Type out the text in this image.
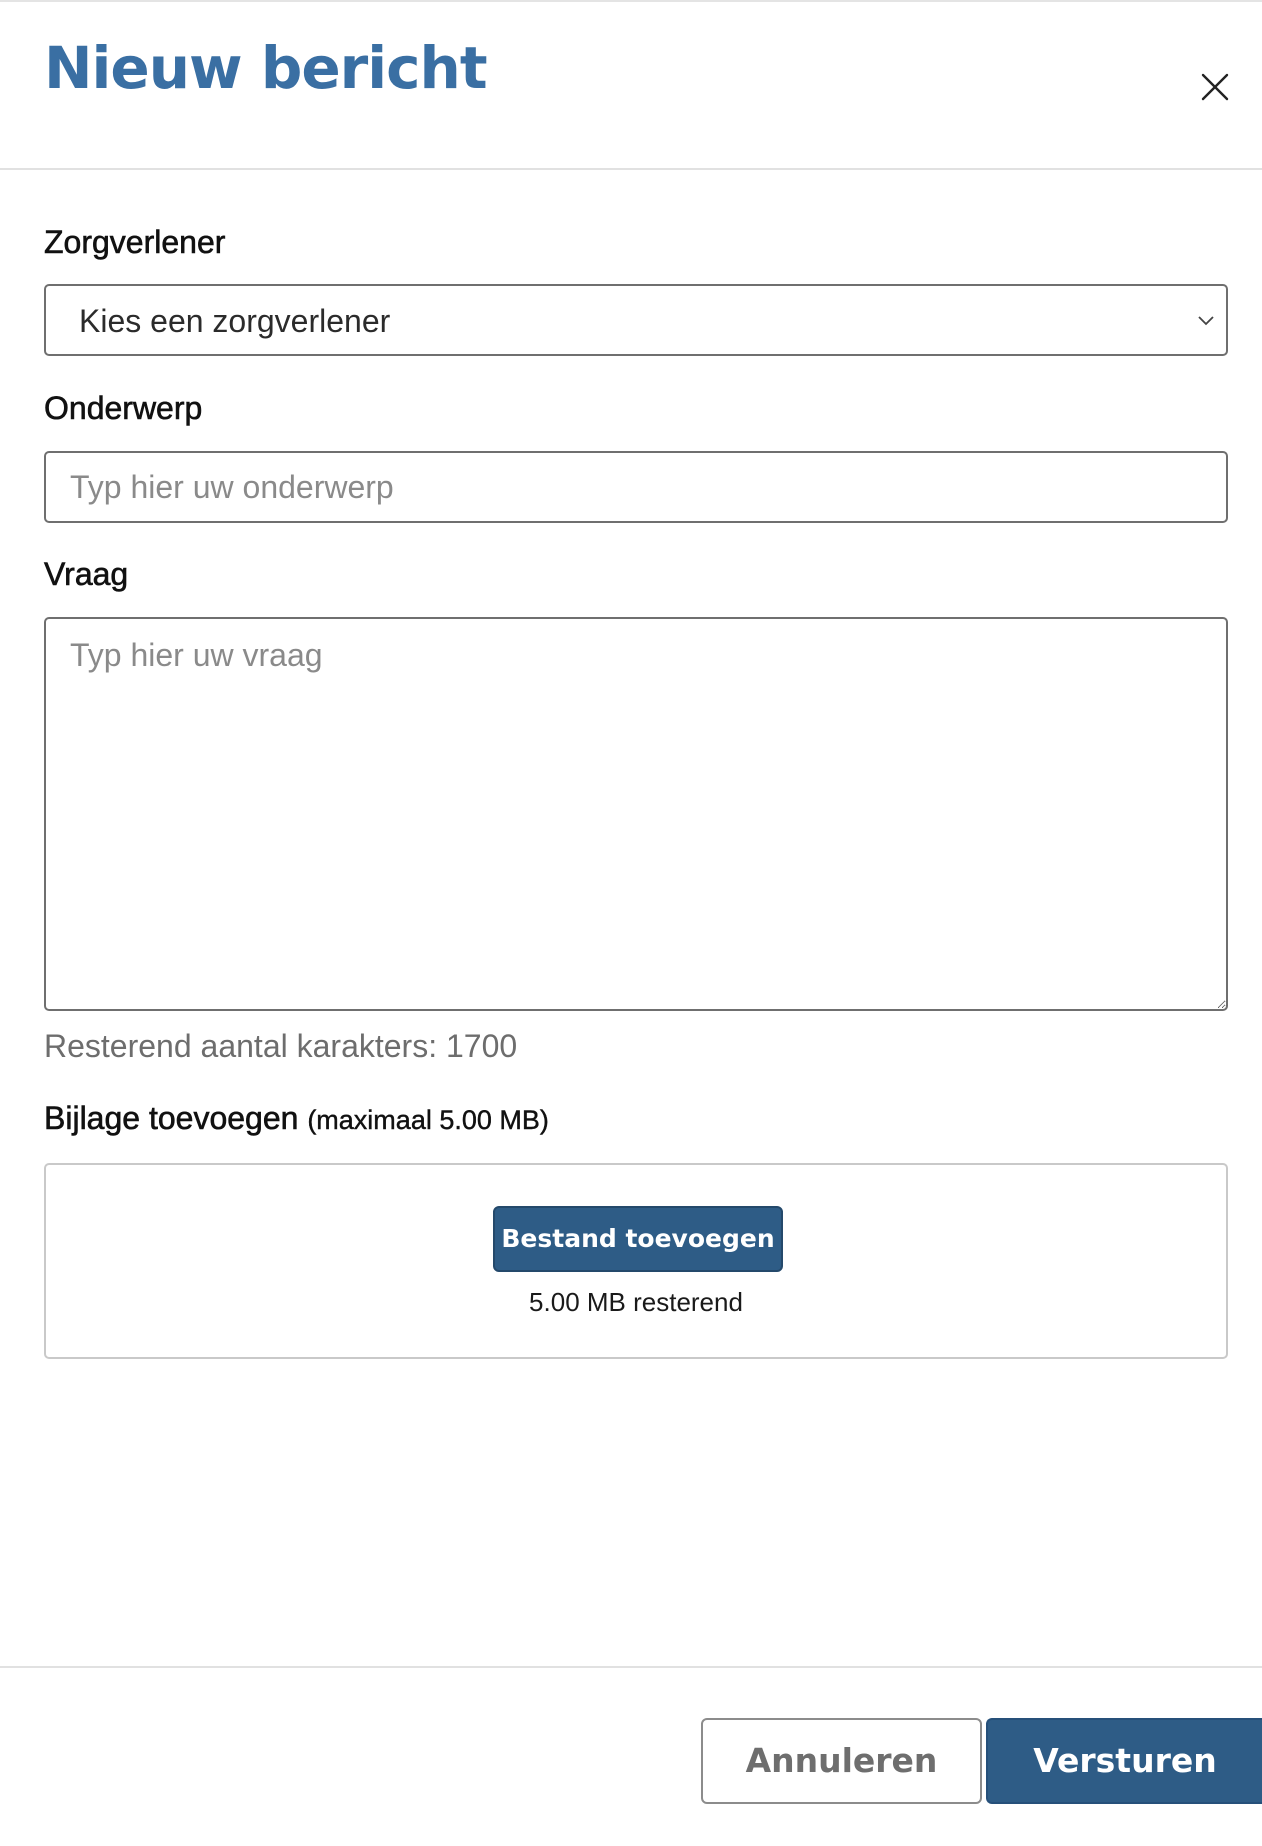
Nieuw bericht
Zorgverlener
Kies een zorgverlener
Onderwerp
Typ hier uw onderwerp
Vraag
Typ hier uw vraag
Resterend aantal karakters: 1700
Bijlage toevoegen (maximaal 5.00 MB)
Bestand toevoegen
5.00 MB resterend
Annuleren	Versturen
